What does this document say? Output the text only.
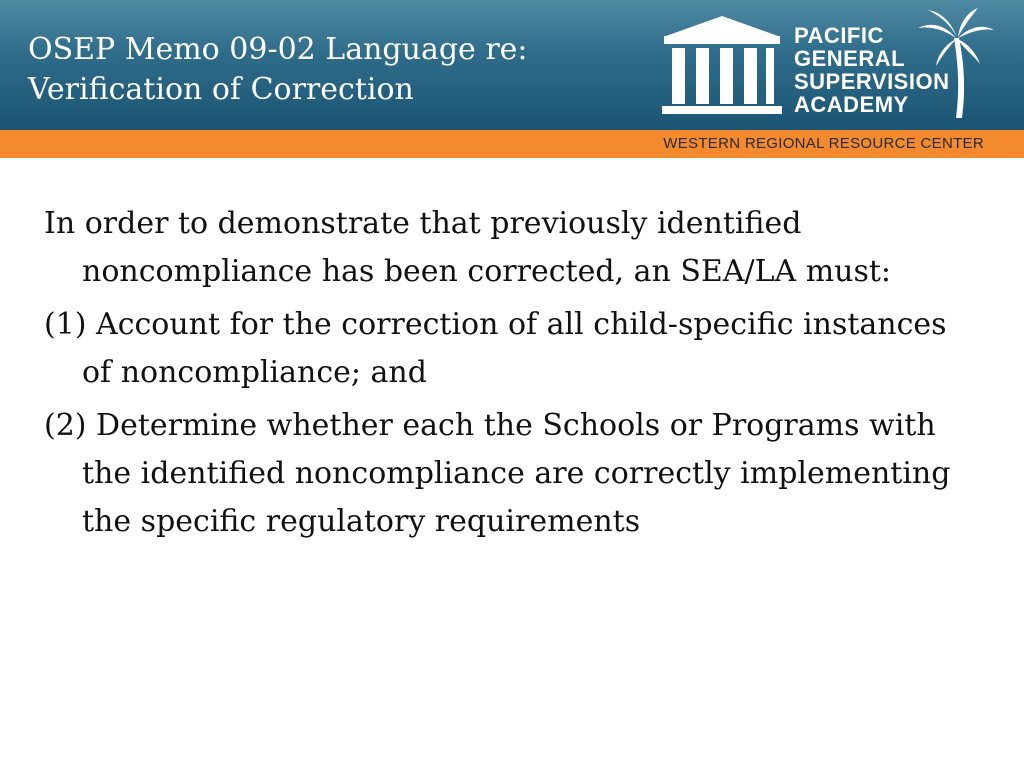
OSEP Memo 09-02 Language re:
Verification of Correction
PACIFIC
GENERAL
SUPERVISION
ACADEMY
WESTERN REGIONAL RESOURCE CENTER

In order to demonstrate that previously identified noncompliance has been corrected, an SEA/LA must:

(1) Account for the correction of all child-specific instances of noncompliance; and

(2) Determine whether each the Schools or Programs with the identified noncompliance are correctly implementing the specific regulatory requirements
